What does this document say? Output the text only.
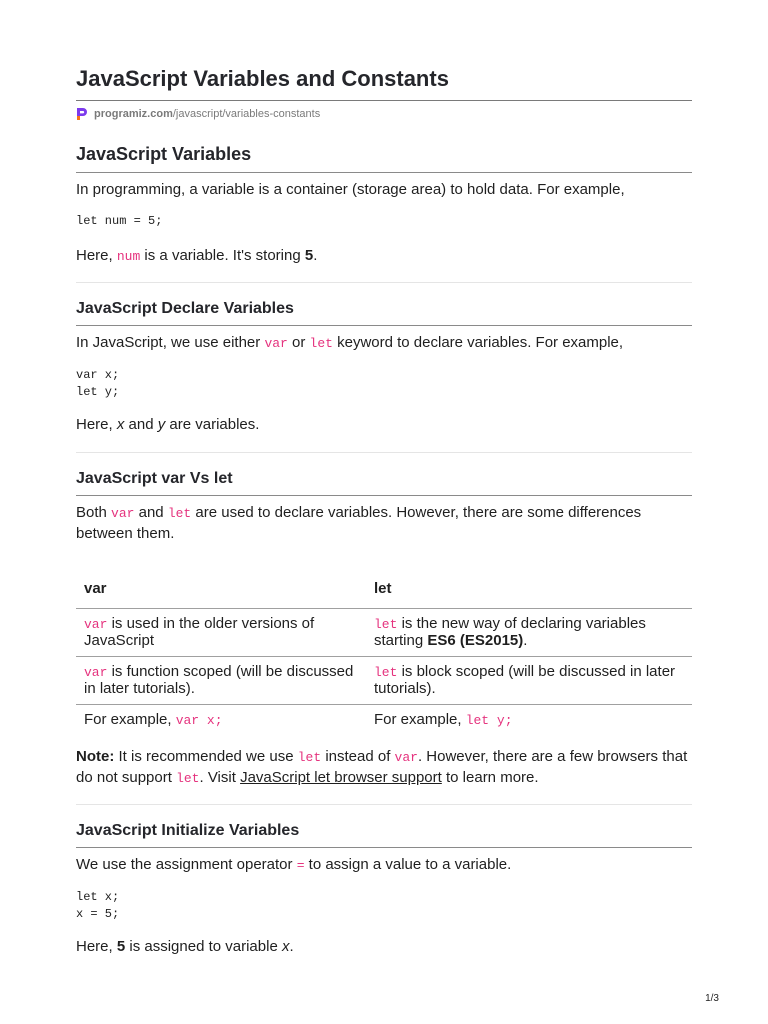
JavaScript Variables and Constants
programiz.com /javascript/variables-constants
JavaScript Variables

In programming, a variable is a container (storage area) to hold data. For example,

let num = 5;

Here, num is a variable. It's storing 5.

JavaScript Declare Variables

In JavaScript, we use either var or let keyword to declare variables. For example,

var x;
let y;

Here, x and y are variables.

JavaScript var Vs let

Both var and let are used to declare variables. However, there are some differences between them.

var	let
var is used in the older versions of JavaScript	let is the new way of declaring variables starting ES6 (ES2015).
var is function scoped (will be discussed in later tutorials).	let is block scoped (will be discussed in later tutorials).
For example, var x;	For example, let y;

Note: It is recommended we use let instead of var. However, there are a few browsers that do not support let. Visit JavaScript let browser support to learn more.

JavaScript Initialize Variables

We use the assignment operator = to assign a value to a variable.

let x;
x = 5;

Here, 5 is assigned to variable x.

1/3
